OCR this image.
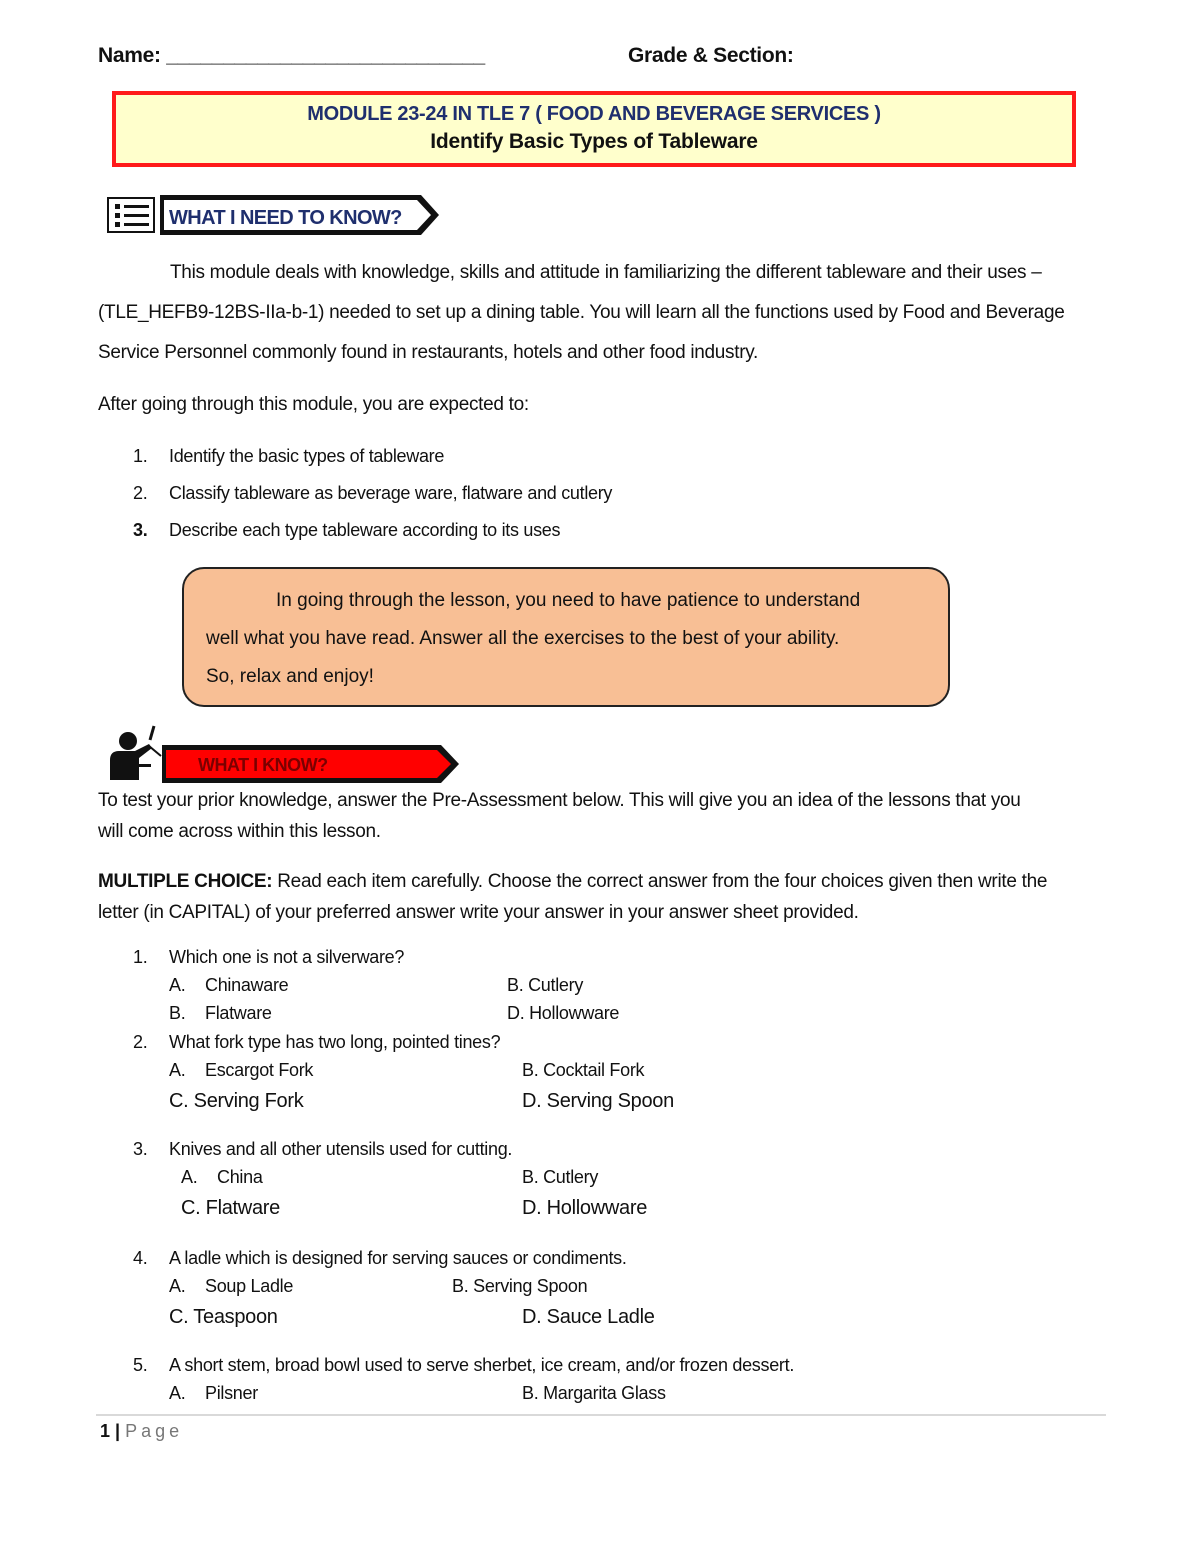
Name: ____________________________	Grade & Section:
MODULE 23-24 IN TLE 7 ( FOOD AND BEVERAGE SERVICES )
Identify Basic Types of Tableware
WHAT I NEED TO KNOW?
This module deals with knowledge, skills and attitude in familiarizing the different tableware and their uses –
(TLE_HEFB9-12BS-IIa-b-1) needed to set up a dining table. You will learn all the functions used by Food and Beverage
Service Personnel commonly found in restaurants, hotels and other food industry.
After going through this module, you are expected to:
1. Identify the basic types of tableware
2. Classify tableware as beverage ware, flatware and cutlery
3. Describe each type tableware according to its uses
In going through the lesson, you need to have patience to understand
well what you have read. Answer all the exercises to the best of your ability.
So, relax and enjoy!
WHAT I KNOW?
To test your prior knowledge, answer the Pre-Assessment below. This will give you an idea of the lessons that you
will come across within this lesson.
MULTIPLE CHOICE: Read each item carefully. Choose the correct answer from the four choices given then write the
letter (in CAPITAL) of your preferred answer write your answer in your answer sheet provided.
1. Which one is not a silverware?
A. Chinaware	B. Cutlery
B. Flatware	D. Hollowware
2. What fork type has two long, pointed tines?
A. Escargot Fork	B. Cocktail Fork
C. Serving Fork	D. Serving Spoon
3. Knives and all other utensils used for cutting.
A. China	B. Cutlery
C. Flatware	D. Hollowware
4. A ladle which is designed for serving sauces or condiments.
A. Soup Ladle	B. Serving Spoon
C. Teaspoon	D. Sauce Ladle
5. A short stem, broad bowl used to serve sherbet, ice cream, and/or frozen dessert.
A. Pilsner	B. Margarita Glass
1 | Page
